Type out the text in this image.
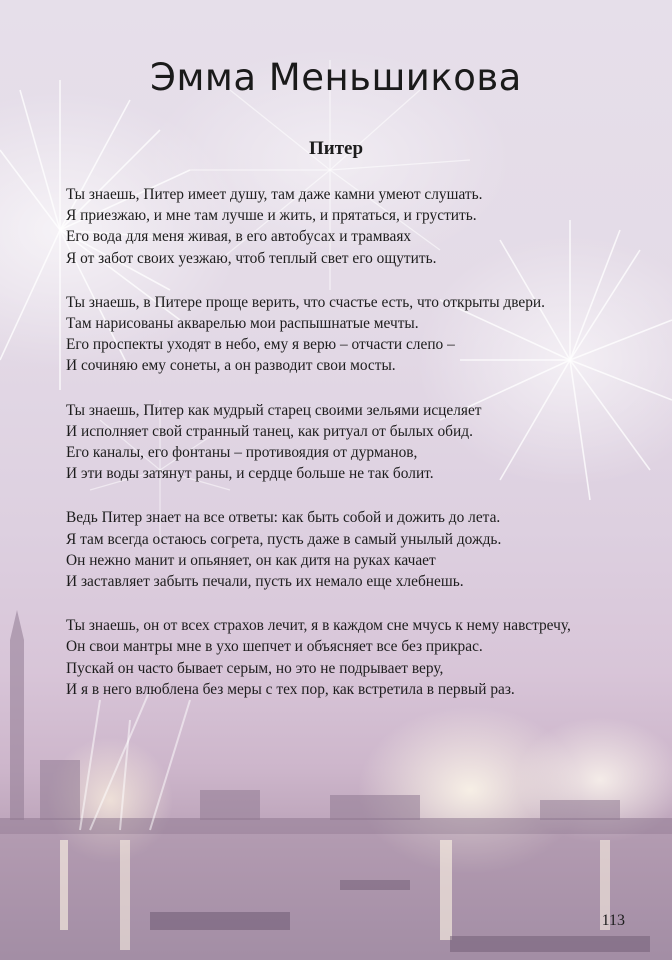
Эмма Меньшикова
Питер
Ты знаешь, Питер имеет душу, там даже камни умеют слушать.
Я приезжаю, и мне там лучше и жить, и прятаться, и грустить.
Его вода для меня живая, в его автобусах и трамваях
Я от забот своих уезжаю, чтоб теплый свет его ощутить.
Ты знаешь, в Питере проще верить, что счастье есть, что открыты двери.
Там нарисованы акварелью мои распышнатые мечты.
Его проспекты уходят в небо, ему я верю – отчасти слепо –
И сочиняю ему сонеты, а он разводит свои мосты.
Ты знаешь, Питер как мудрый старец своими зельями исцеляет
И исполняет свой странный танец, как ритуал от былых обид.
Его каналы, его фонтаны – противоядия от дурманов,
И эти воды затянут раны, и сердце больше не так болит.
Ведь Питер знает на все ответы: как быть собой и дожить до лета.
Я там всегда остаюсь согрета, пусть даже в самый унылый дождь.
Он нежно манит и опьяняет, он как дитя на руках качает
И заставляет забыть печали, пусть их немало еще хлебнешь.
Ты знаешь, он от всех страхов лечит, я в каждом сне мчусь к нему навстречу,
Он свои мантры мне в ухо шепчет и объясняет все без прикрас.
Пускай он часто бывает серым, но это не подрывает веру,
И я в него влюблена без меры с тех пор, как встретила в первый раз.
113
